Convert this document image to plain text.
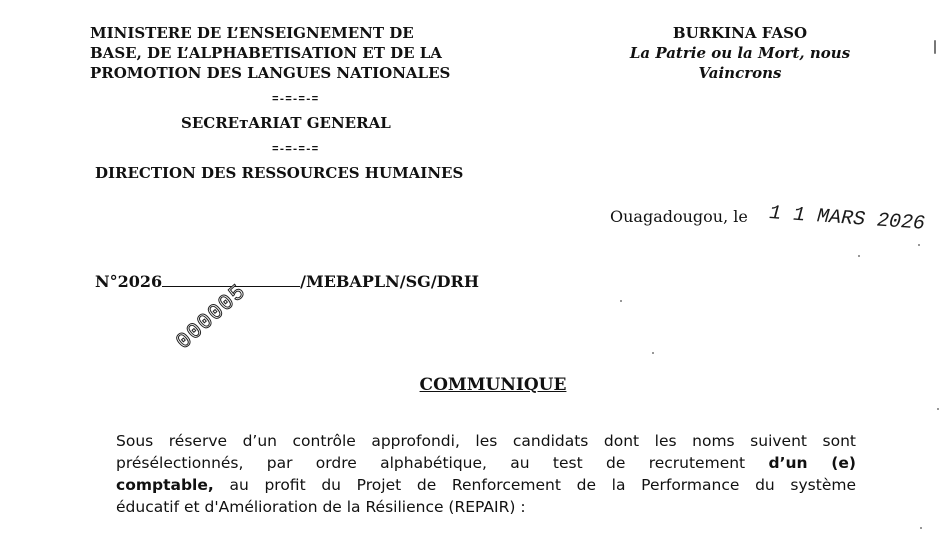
MINISTERE DE L’ENSEIGNEMENT DE
BASE, DE L’ALPHABETISATION ET DE LA
PROMOTION DES LANGUES NATIONALES
=-=-=-=
SECREтARIAT GENERAL
=-=-=-=
DIRECTION DES RESSOURCES HUMAINES
BURKINA FASO
La Patrie ou la Mort, nous
Vaincrons
Ouagadougou, le 1 1 MARS 2026
N°2026	/MEBAPLN/SG/DRH
000005
COMMUNIQUE
Sous réserve d’un contrôle approfondi, les candidats dont les noms suivent sont
présélectionnés, par ordre alphabétique, au test de recrutement d’un (e)
comptable, au profit du Projet de Renforcement de la Performance du système
éducatif et d'Amélioration de la Résilience (REPAIR) :
